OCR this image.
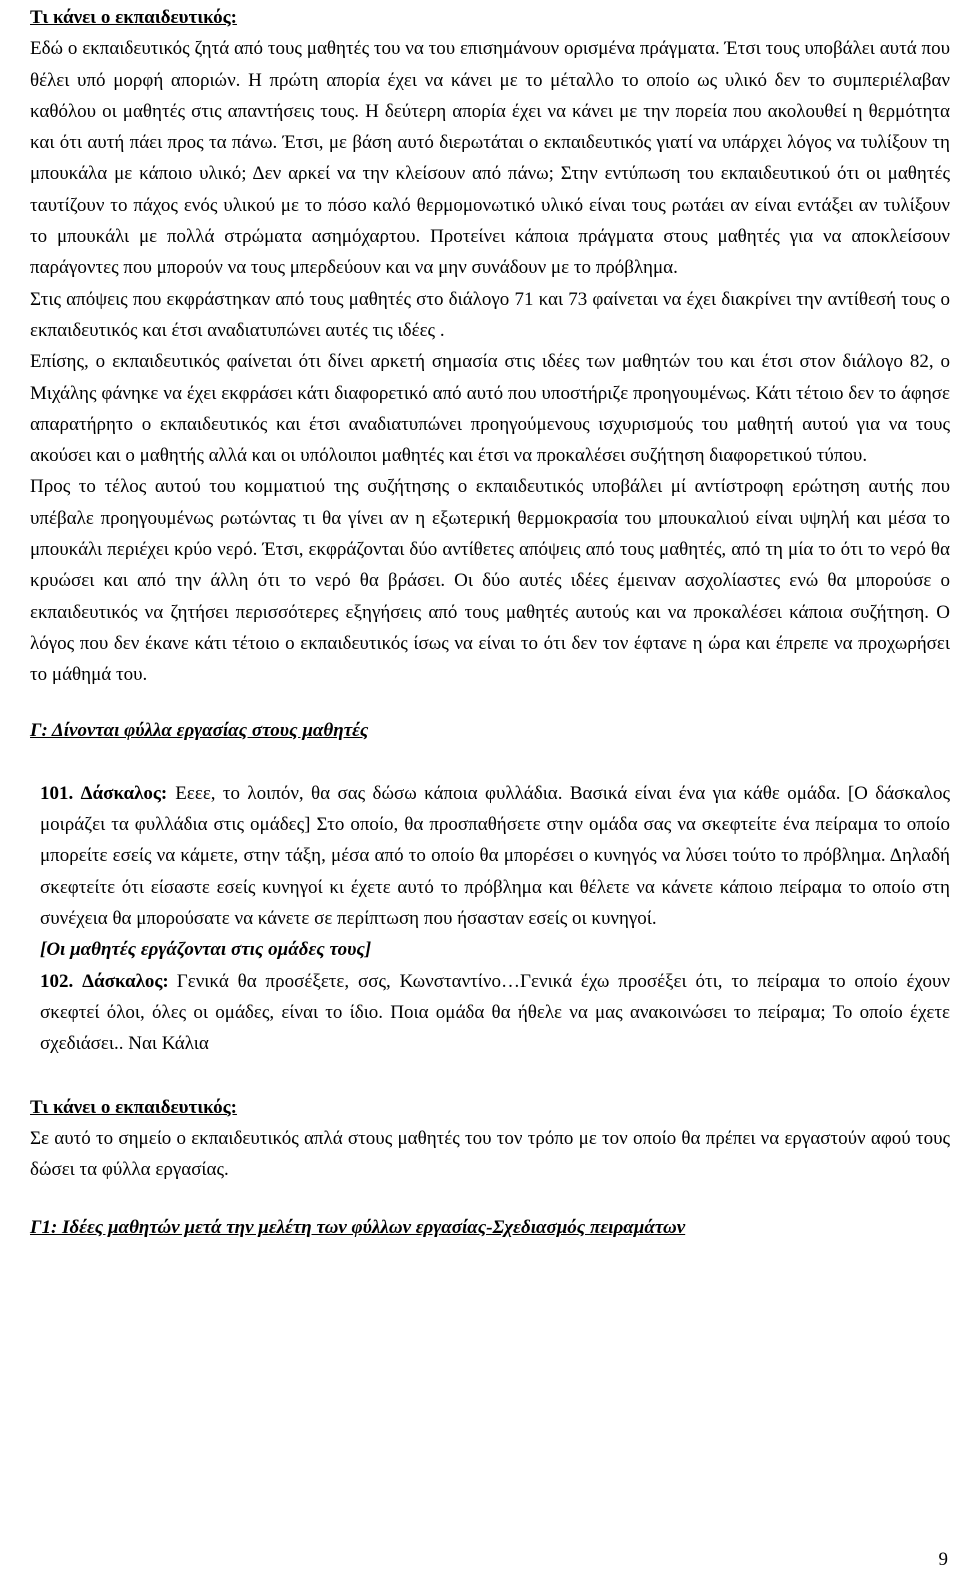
Τι κάνει ο εκπαιδευτικός:

Εδώ ο εκπαιδευτικός ζητά από τους μαθητές του να του επισημάνουν ορισμένα πράγματα. Έτσι τους υποβάλει αυτά που θέλει υπό μορφή αποριών. Η πρώτη απορία έχει να κάνει με το μέταλλο το οποίο ως υλικό δεν το συμπεριέλαβαν καθόλου οι μαθητές στις απαντήσεις τους. Η δεύτερη απορία έχει να κάνει με την πορεία που ακολουθεί η θερμότητα και ότι αυτή πάει προς τα πάνω. Έτσι, με βάση αυτό διερωτάται ο εκπαιδευτικός γιατί να υπάρχει λόγος να τυλίξουν τη μπουκάλα με κάποιο υλικό; Δεν αρκεί να την κλείσουν από πάνω; Στην εντύπωση του εκπαιδευτικού ότι οι μαθητές ταυτίζουν το πάχος ενός υλικού με το πόσο καλό θερμομονωτικό υλικό είναι τους ρωτάει αν είναι εντάξει αν τυλίξουν το μπουκάλι με πολλά στρώματα ασημόχαρτου. Προτείνει κάποια πράγματα στους μαθητές για να αποκλείσουν παράγοντες που μπορούν να τους μπερδεύουν και να μην συνάδουν με το πρόβλημα.

Στις απόψεις που εκφράστηκαν από τους μαθητές στο διάλογο 71 και 73 φαίνεται να έχει διακρίνει την αντίθεσή τους ο εκπαιδευτικός και έτσι αναδιατυπώνει αυτές τις ιδέες .

Επίσης, ο εκπαιδευτικός φαίνεται ότι δίνει αρκετή σημασία στις ιδέες των μαθητών του και έτσι στον διάλογο 82, ο Μιχάλης φάνηκε να έχει εκφράσει κάτι διαφορετικό από αυτό που υποστήριζε προηγουμένως. Κάτι τέτοιο δεν το άφησε απαρατήρητο ο εκπαιδευτικός και έτσι αναδιατυπώνει προηγούμενους ισχυρισμούς του μαθητή αυτού για να τους ακούσει και ο μαθητής αλλά και οι υπόλοιποι μαθητές και έτσι να προκαλέσει συζήτηση διαφορετικού τύπου.

Προς το τέλος αυτού του κομματιού της συζήτησης ο εκπαιδευτικός υποβάλει μί αντίστροφη ερώτηση αυτής που υπέβαλε προηγουμένως ρωτώντας τι θα γίνει αν η εξωτερική θερμοκρασία του μπουκαλιού είναι υψηλή και μέσα το μπουκάλι περιέχει κρύο νερό. Έτσι, εκφράζονται δύο αντίθετες απόψεις από τους μαθητές, από τη μία το ότι το νερό θα κρυώσει και από την άλλη ότι το νερό θα βράσει. Οι δύο αυτές ιδέες έμειναν ασχολίαστες ενώ θα μπορούσε ο εκπαιδευτικός να ζητήσει περισσότερες εξηγήσεις από τους μαθητές αυτούς και να προκαλέσει κάποια συζήτηση. Ο λόγος που δεν έκανε κάτι τέτοιο ο εκπαιδευτικός ίσως να είναι το ότι δεν τον έφτανε η ώρα και έπρεπε να προχωρήσει το μάθημά του.

Γ: Δίνονται φύλλα εργασίας στους μαθητές

101. Δάσκαλος: Εεεε, το λοιπόν, θα σας δώσω κάποια φυλλάδια. Βασικά είναι ένα για κάθε ομάδα. [Ο δάσκαλος μοιράζει τα φυλλάδια στις ομάδες] Στο οποίο, θα προσπαθήσετε στην ομάδα σας να σκεφτείτε ένα πείραμα το οποίο μπορείτε εσείς να κάμετε, στην τάξη, μέσα από το οποίο θα μπορέσει ο κυνηγός να λύσει τούτο το πρόβλημα. Δηλαδή σκεφτείτε ότι είσαστε εσείς κυνηγοί κι έχετε αυτό το πρόβλημα και θέλετε να κάνετε κάποιο πείραμα το οποίο στη συνέχεια θα μπορούσατε να κάνετε σε περίπτωση που ήσασταν εσείς οι κυνηγοί.

[Οι μαθητές εργάζονται στις ομάδες τους]

102. Δάσκαλος: Γενικά θα προσέξετε, σσς, Κωνσταντίνο…Γενικά έχω προσέξει ότι, το πείραμα το οποίο έχουν σκεφτεί όλοι, όλες οι ομάδες, είναι το ίδιο. Ποια ομάδα θα ήθελε να μας ανακοινώσει το πείραμα; Το οποίο έχετε σχεδιάσει.. Ναι Κάλια

Τι κάνει ο εκπαιδευτικός:

Σε αυτό το σημείο ο εκπαιδευτικός απλά στους μαθητές του τον τρόπο με τον οποίο θα πρέπει να εργαστούν αφού τους δώσει τα φύλλα εργασίας.

Γ1: Ιδέες μαθητών μετά την μελέτη των φύλλων εργασίας-Σχεδιασμός πειραμάτων
9
